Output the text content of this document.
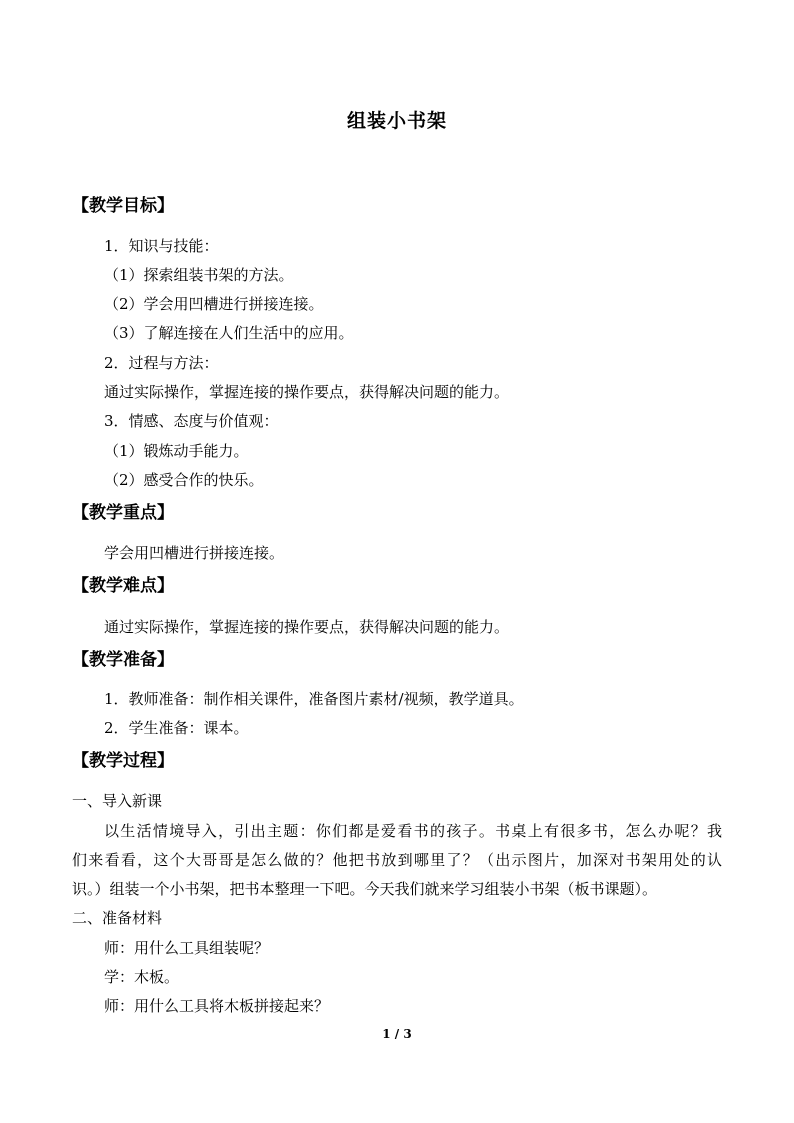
组装小书架
【教学目标】
1．知识与技能：
（1）探索组装书架的方法。
（2）学会用凹槽进行拼接连接。
（3）了解连接在人们生活中的应用。
2．过程与方法：
通过实际操作，掌握连接的操作要点，获得解决问题的能力。
3．情感、态度与价值观：
（1）锻炼动手能力。
（2）感受合作的快乐。
【教学重点】
学会用凹槽进行拼接连接。
【教学难点】
通过实际操作，掌握连接的操作要点，获得解决问题的能力。
【教学准备】
1．教师准备：制作相关课件，准备图片素材/视频，教学道具。
2．学生准备：课本。
【教学过程】
一、导入新课
以生活情境导入，引出主题：你们都是爱看书的孩子。书桌上有很多书，怎么办呢？我
们来看看，这个大哥哥是怎么做的？他把书放到哪里了？（出示图片，加深对书架用处的认
识。）组装一个小书架，把书本整理一下吧。今天我们就来学习组装小书架（板书课题）。
二、准备材料
师：用什么工具组装呢？
学：木板。
师：用什么工具将木板拼接起来？
1 / 3
